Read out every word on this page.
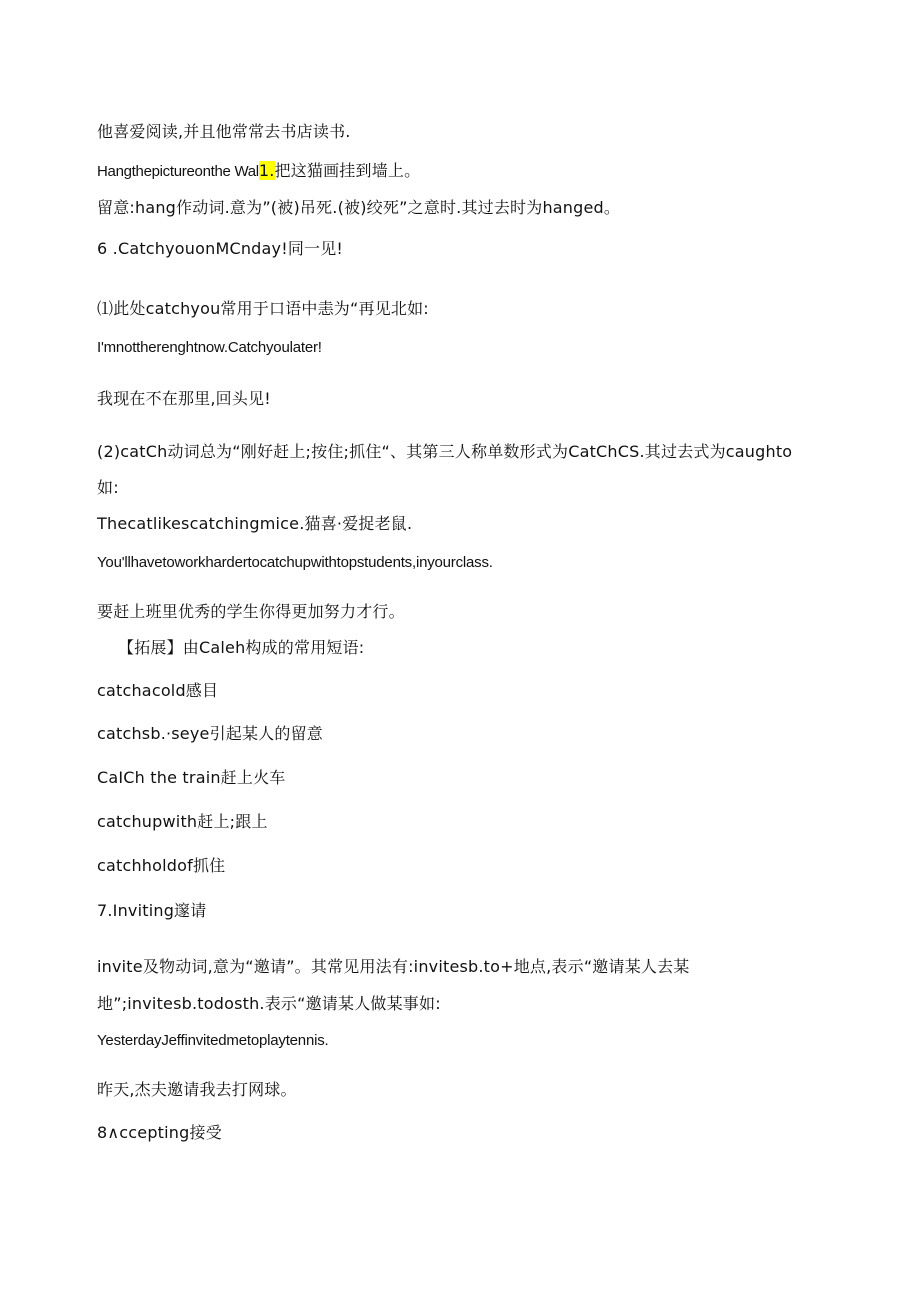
他喜爱阅读,并且他常常去书店读书.
Hangthepictureonthe Wal1.把这猫画挂到墙上。
留意:hang作动词.意为”(被)吊死.(被)绞死”之意时.其过去时为hanged。
6 .CatchyouonMCnday!同一见!
⑴此处catchyou常用于口语中恚为“再见北如:
I'mnottherenghtnow.Catchyoulater!
我现在不在那里,回头见!
(2)catCh动词总为“刚好赶上;按住;抓住“、其第三人称单数形式为CatChCS.其过去式为caughto
如:
Thecatlikescatchingmice.猫喜·爱捉老鼠.
You'llhavetoworkhardertocatchupwithtopstudents,inyourclass.
要赶上班里优秀的学生你得更加努力才行。
【拓展】由Caleh构成的常用短语:
catchacold感目
catchsb.·seye引起某人的留意
CaICh the train赶上火车
catchupwith赶上;跟上
catchholdof抓住
7.Inviting邃请
invite及物动词,意为“邀请”。其常见用法有:invitesb.to+地点,表示“邀请某人去某
地”;invitesb.todosth.表示“邀请某人做某事如:
YesterdayJeffinvitedmetoplaytennis.
昨天,杰夫邀请我去打网球。
8∧ccepting接受
